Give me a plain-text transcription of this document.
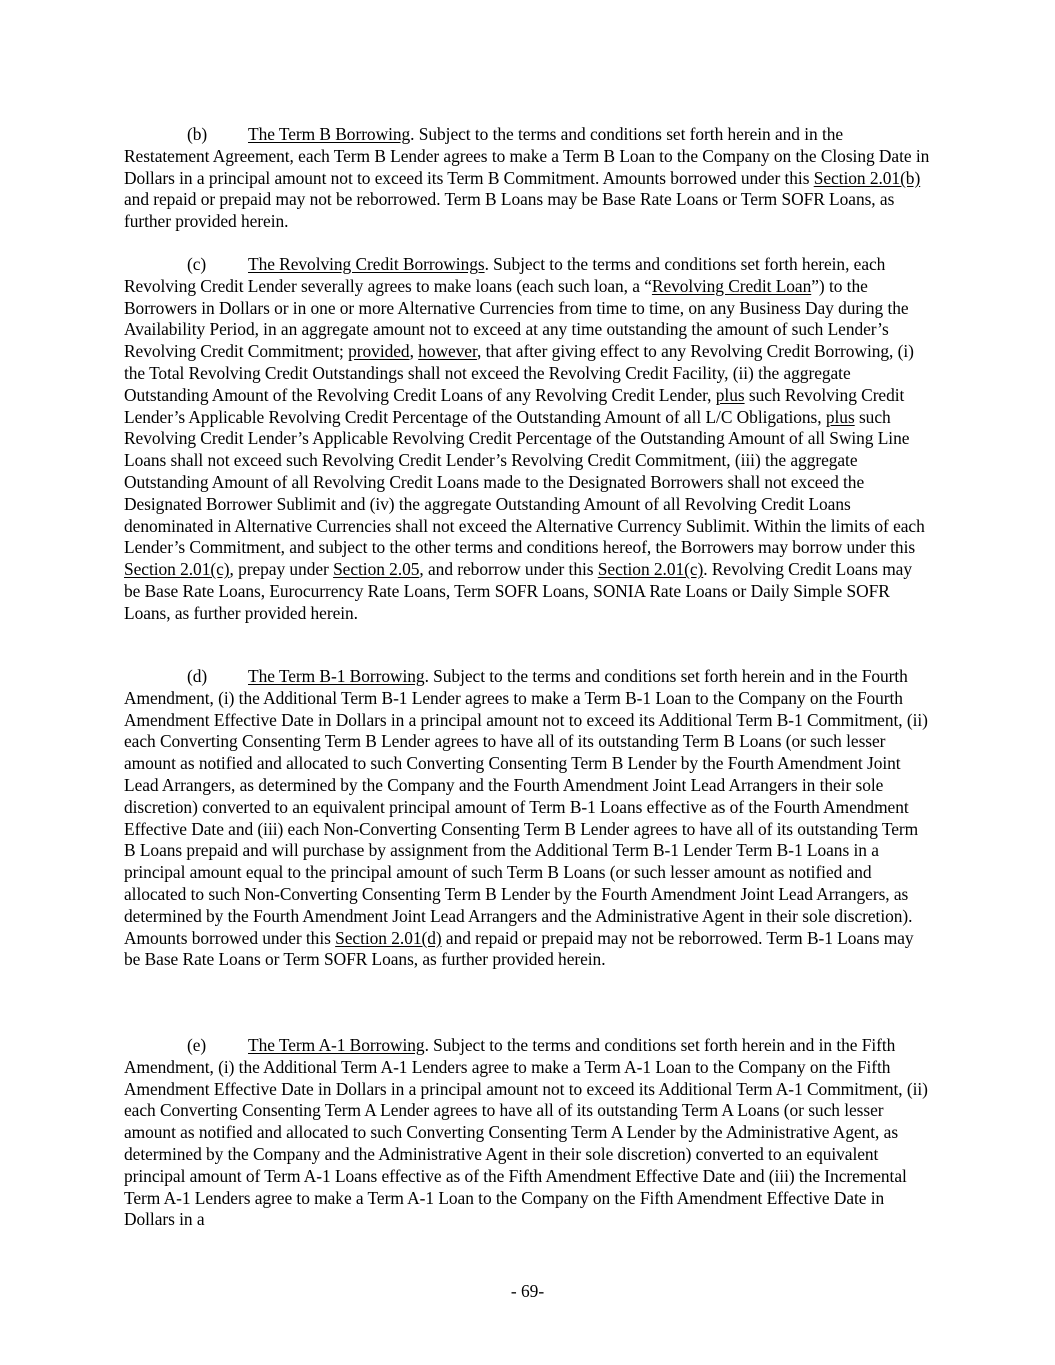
(b) The Term B Borrowing. Subject to the terms and conditions set forth herein and in the Restatement Agreement, each Term B Lender agrees to make a Term B Loan to the Company on the Closing Date in Dollars in a principal amount not to exceed its Term B Commitment. Amounts borrowed under this Section 2.01(b) and repaid or prepaid may not be reborrowed. Term B Loans may be Base Rate Loans or Term SOFR Loans, as further provided herein.

(c) The Revolving Credit Borrowings. Subject to the terms and conditions set forth herein, each Revolving Credit Lender severally agrees to make loans (each such loan, a “Revolving Credit Loan”) to the Borrowers in Dollars or in one or more Alternative Currencies from time to time, on any Business Day during the Availability Period, in an aggregate amount not to exceed at any time outstanding the amount of such Lender’s Revolving Credit Commitment; provided, however, that after giving effect to any Revolving Credit Borrowing, (i) the Total Revolving Credit Outstandings shall not exceed the Revolving Credit Facility, (ii) the aggregate Outstanding Amount of the Revolving Credit Loans of any Revolving Credit Lender, plus such Revolving Credit Lender’s Applicable Revolving Credit Percentage of the Outstanding Amount of all L/C Obligations, plus such Revolving Credit Lender’s Applicable Revolving Credit Percentage of the Outstanding Amount of all Swing Line Loans shall not exceed such Revolving Credit Lender’s Revolving Credit Commitment, (iii) the aggregate Outstanding Amount of all Revolving Credit Loans made to the Designated Borrowers shall not exceed the Designated Borrower Sublimit and (iv) the aggregate Outstanding Amount of all Revolving Credit Loans denominated in Alternative Currencies shall not exceed the Alternative Currency Sublimit. Within the limits of each Lender’s Commitment, and subject to the other terms and conditions hereof, the Borrowers may borrow under this Section 2.01(c), prepay under Section 2.05, and reborrow under this Section 2.01(c). Revolving Credit Loans may be Base Rate Loans, Eurocurrency Rate Loans, Term SOFR Loans, SONIA Rate Loans or Daily Simple SOFR Loans, as further provided herein.

(d) The Term B-1 Borrowing. Subject to the terms and conditions set forth herein and in the Fourth Amendment, (i) the Additional Term B-1 Lender agrees to make a Term B-1 Loan to the Company on the Fourth Amendment Effective Date in Dollars in a principal amount not to exceed its Additional Term B-1 Commitment, (ii) each Converting Consenting Term B Lender agrees to have all of its outstanding Term B Loans (or such lesser amount as notified and allocated to such Converting Consenting Term B Lender by the Fourth Amendment Joint Lead Arrangers, as determined by the Company and the Fourth Amendment Joint Lead Arrangers in their sole discretion) converted to an equivalent principal amount of Term B-1 Loans effective as of the Fourth Amendment Effective Date and (iii) each Non-Converting Consenting Term B Lender agrees to have all of its outstanding Term B Loans prepaid and will purchase by assignment from the Additional Term B-1 Lender Term B-1 Loans in a principal amount equal to the principal amount of such Term B Loans (or such lesser amount as notified and allocated to such Non-Converting Consenting Term B Lender by the Fourth Amendment Joint Lead Arrangers, as determined by the Fourth Amendment Joint Lead Arrangers and the Administrative Agent in their sole discretion). Amounts borrowed under this Section 2.01(d) and repaid or prepaid may not be reborrowed. Term B-1 Loans may be Base Rate Loans or Term SOFR Loans, as further provided herein.

(e) The Term A-1 Borrowing. Subject to the terms and conditions set forth herein and in the Fifth Amendment, (i) the Additional Term A-1 Lenders agree to make a Term A-1 Loan to the Company on the Fifth Amendment Effective Date in Dollars in a principal amount not to exceed its Additional Term A-1 Commitment, (ii) each Converting Consenting Term A Lender agrees to have all of its outstanding Term A Loans (or such lesser amount as notified and allocated to such Converting Consenting Term A Lender by the Administrative Agent, as determined by the Company and the Administrative Agent in their sole discretion) converted to an equivalent principal amount of Term A-1 Loans effective as of the Fifth Amendment Effective Date and (iii) the Incremental Term A-1 Lenders agree to make a Term A-1 Loan to the Company on the Fifth Amendment Effective Date in Dollars in a

- 69-
